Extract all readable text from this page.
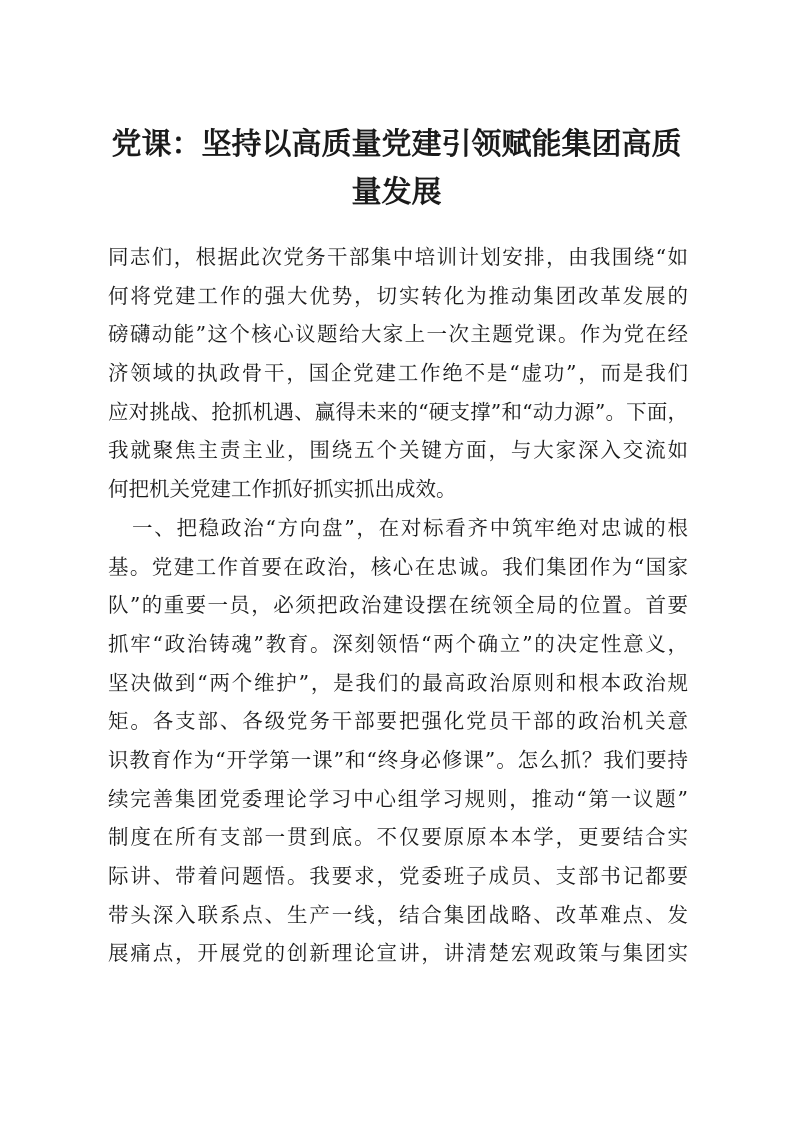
党课：坚持以高质量党建引领赋能集团高质
量发展
同志们，根据此次党务干部集中培训计划安排，由我围绕“如
何将党建工作的强大优势，切实转化为推动集团改革发展的
磅礴动能”这个核心议题给大家上一次主题党课。作为党在经
济领域的执政骨干，国企党建工作绝不是“虚功”，而是我们
应对挑战、抢抓机遇、赢得未来的“硬支撑”和“动力源”。下面，
我就聚焦主责主业，围绕五个关键方面，与大家深入交流如
何把机关党建工作抓好抓实抓出成效。
一、把稳政治“方向盘”，在对标看齐中筑牢绝对忠诚的根
基。党建工作首要在政治，核心在忠诚。我们集团作为“国家
队”的重要一员，必须把政治建设摆在统领全局的位置。首要
抓牢“政治铸魂”教育。深刻领悟“两个确立”的决定性意义，
坚决做到“两个维护”，是我们的最高政治原则和根本政治规
矩。各支部、各级党务干部要把强化党员干部的政治机关意
识教育作为“开学第一课”和“终身必修课”。怎么抓？我们要持
续完善集团党委理论学习中心组学习规则，推动“第一议题”
制度在所有支部一贯到底。不仅要原原本本学，更要结合实
际讲、带着问题悟。我要求，党委班子成员、支部书记都要
带头深入联系点、生产一线，结合集团战略、改革难点、发
展痛点，开展党的创新理论宣讲，讲清楚宏观政策与集团实
